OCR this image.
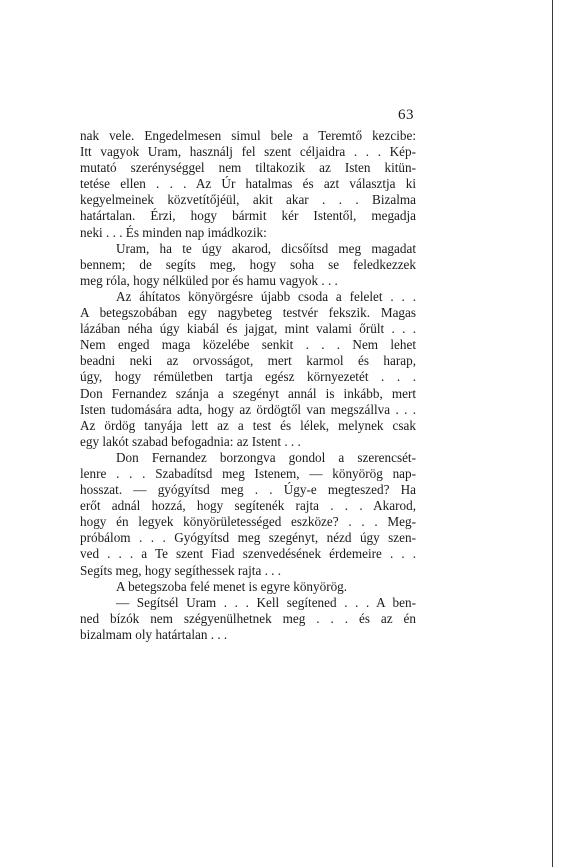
63
nak vele. Engedelmesen simul bele a Teremtő kezcibe:
Itt vagyok Uram, használj fel szent céljaidra . . . Kép-
mutató szerénységgel nem tiltakozik az Isten kitün-
tetése ellen . . . Az Úr hatalmas és azt választja ki
kegyelmeinek közvetítőjéül, akit akar . . . Bizalma
határtalan. Érzi, hogy bármit kér Istentől, megadja
neki . . . És minden nap imádkozik:
Uram, ha te úgy akarod, dicsőítsd meg magadat
bennem; de segíts meg, hogy soha se feledkezzek
meg róla, hogy nélküled por és hamu vagyok . . .
Az áhítatos könyörgésre újabb csoda a felelet . . .
A betegszobában egy nagybeteg testvér fekszik. Magas
lázában néha úgy kiabál és jajgat, mint valami őrült . . .
Nem enged maga közelébe senkit . . . Nem lehet
beadni neki az orvosságot, mert karmol és harap,
úgy, hogy rémületben tartja egész környezetét . . .
Don Fernandez szánja a szegényt annál is inkább, mert
Isten tudomására adta, hogy az ördögtől van megszállva . . .
Az ördög tanyája lett az a test és lélek, melynek csak
egy lakót szabad befogadnia: az Istent . . .
Don Fernandez borzongva gondol a szerencsét-
lenre . . . Szabadítsd meg Istenem, — könyörög nap-
hosszat. — gyógyítsd meg . . Úgy-e megteszed? Ha
erőt adnál hozzá, hogy segítenék rajta . . . Akarod,
hogy én legyek könyörületességed eszköze? . . . Meg-
próbálom . . . Gyógyítsd meg szegényt, nézd úgy szen-
ved . . . a Te szent Fiad szenvedésének érdemeire . . .
Segíts meg, hogy segíthessek rajta . . .
A betegszoba felé menet is egyre könyörög.
— Segítsél Uram . . . Kell segítened . . . A ben-
ned bízók nem szégyenülhetnek meg . . . és az én
bizalmam oly határtalan . . .
